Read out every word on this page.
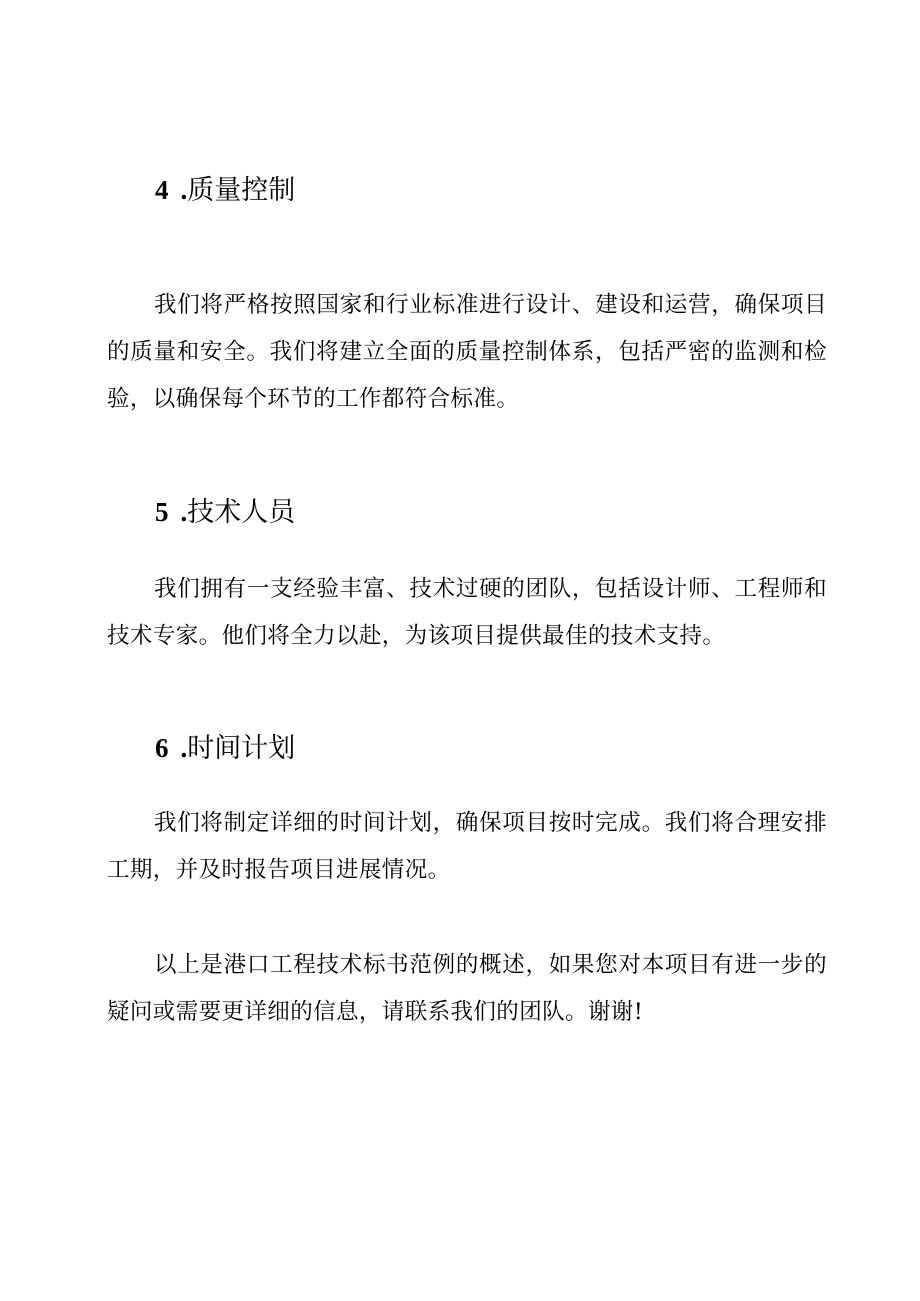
4 .质量控制

我们将严格按照国家和行业标准进行设计、建设和运营，确保项目的质量和安全。我们将建立全面的质量控制体系，包括严密的监测和检验，以确保每个环节的工作都符合标准。

5 .技术人员

我们拥有一支经验丰富、技术过硬的团队，包括设计师、工程师和技术专家。他们将全力以赴，为该项目提供最佳的技术支持。

6 .时间计划

我们将制定详细的时间计划，确保项目按时完成。我们将合理安排工期，并及时报告项目进展情况。

以上是港口工程技术标书范例的概述，如果您对本项目有进一步的疑问或需要更详细的信息，请联系我们的团队。谢谢!
